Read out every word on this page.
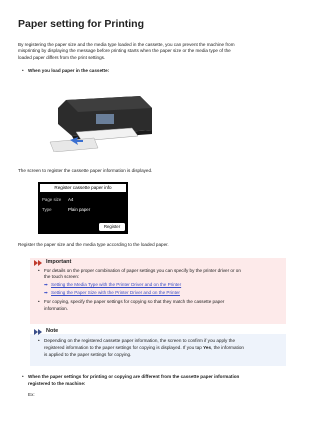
Paper setting for Printing
By registering the paper size and the media type loaded in the cassette, you can prevent the machine from
misprinting by displaying the message before printing starts when the paper size or the media type of the
loaded paper differs from the print settings.
• When you load paper in the cassette:
The screen to register the cassette paper information is displayed.
Register cassette paper info
Page size A4
Type	Plain paper
Register
Register the paper size and the media type according to the loaded paper.
Important
• For details on the proper combination of paper settings you can specify by the printer driver or on
the touch screen:
➡ Setting the Media Type with the Printer Driver and on the Printer
➡ Setting the Paper Size with the Printer Driver and on the Printer
• For copying, specify the paper settings for copying so that they match the cassette paper
information.
Note
• Depending on the registered cassette paper information, the screen to confirm if you apply the
registered information to the paper settings for copying is displayed. If you tap Yes, the information
is applied to the paper settings for copying.
• When the paper settings for printing or copying are different from the cassette paper information
registered to the machine:
Ex:
